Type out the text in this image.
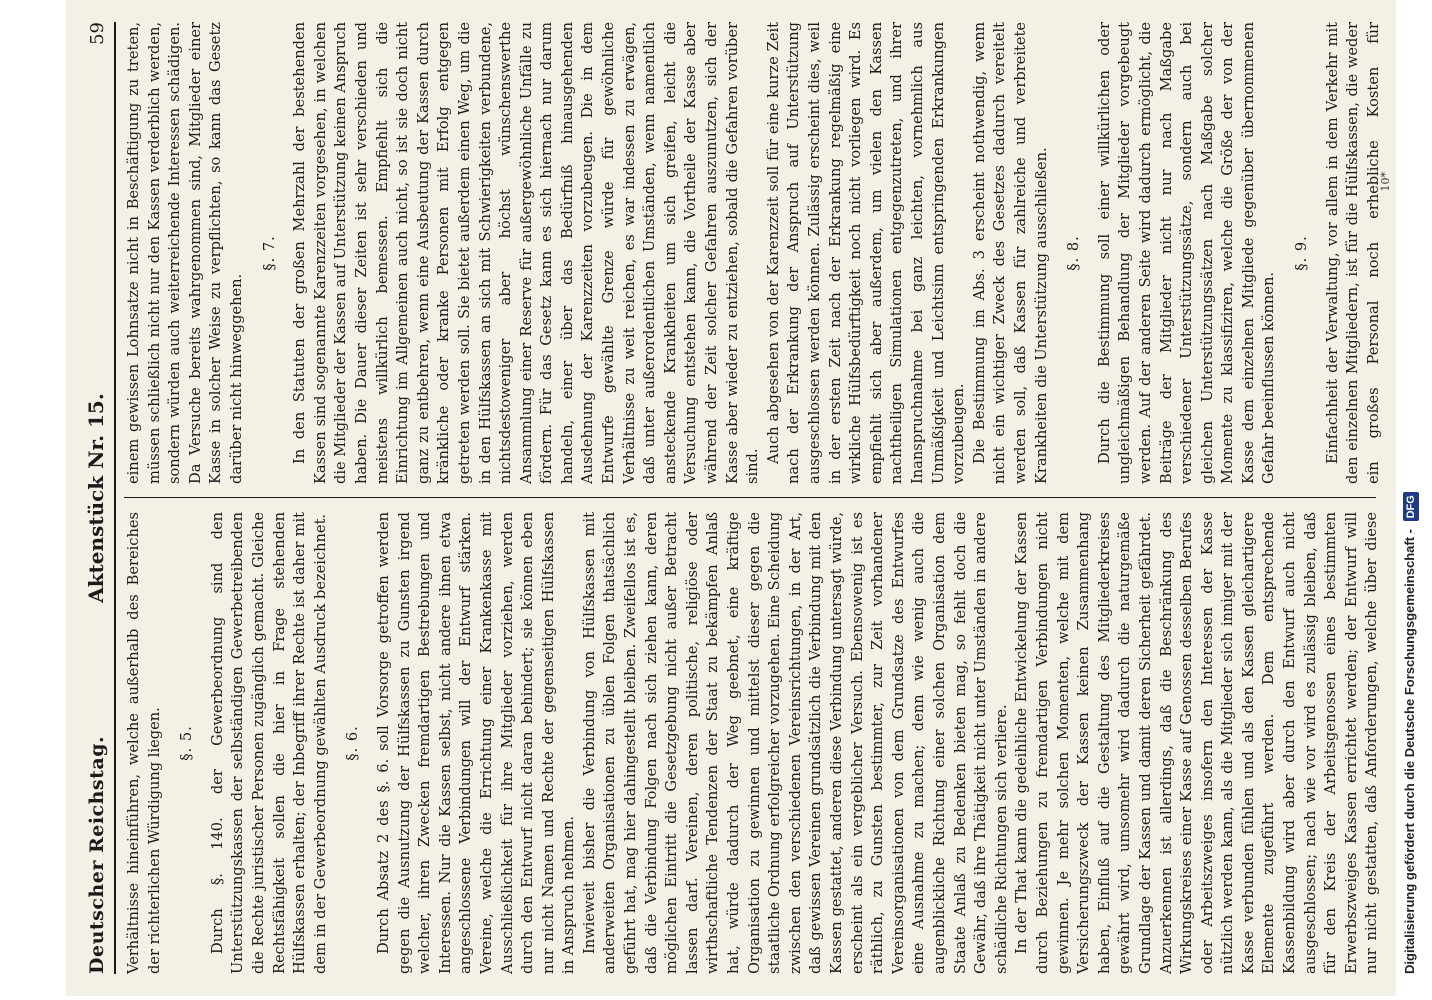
Deutscher Reichstag.
Aktenstück Nr. 15.
59

Verhältnisse hineinführen, welche außerhalb des Bereiches der richterlichen Würdigung liegen. §. 5. Durch §. 140. der Gewerbeordnung sind den Unterstützungskassen der selbständigen Gewerbetreibenden die Rechte juristischer Personen zugänglich gemacht. Gleiche Rechtsfähigkeit sollen die hier in Frage stehenden Hülfskassen erhalten; der Inbegriff ihrer Rechte ist daher mit dem in der Gewerbeordnung gewählten Ausdruck bezeichnet. §. 6. Durch Absatz 2 des §. 6. soll Vorsorge getroffen werden gegen die Ausnutzung der Hülfskassen zu Gunsten irgend welcher, ihren Zwecken fremdartigen Bestrebungen und Interessen. Nur die Kassen selbst, nicht andere ihnen etwa angeschlossene Verbindungen will der Entwurf stärken. Vereine, welche die Errichtung einer Krankenkasse mit Ausschließlichkeit für ihre Mitglieder vorziehen, werden durch den Entwurf nicht daran behindert; sie können eben nur nicht Namen und Rechte der gegenseitigen Hülfskassen in Anspruch nehmen. Inwieweit bisher die Verbindung von Hülfskassen mit anderweiten Organisationen zu üblen Folgen thatsächlich geführt hat, mag hier dahingestellt bleiben. Zweifellos ist es, daß die Verbindung Folgen nach sich ziehen kann, deren möglichen Eintritt die Gesetzgebung nicht außer Betracht lassen darf. Vereinen, deren politische, religiöse oder wirthschaftliche Tendenzen der Staat zu bekämpfen Anlaß hat, würde dadurch der Weg geebnet, eine kräftige Organisation zu gewinnen und mittelst dieser gegen die staatliche Ordnung erfolgreicher vorzugehen. Eine Scheidung zwischen den verschiedenen Vereinsrichtungen, in der Art, daß gewissen Vereinen grundsätzlich die Verbindung mit den Kassen gestattet, anderen diese Verbindung untersagt würde, erscheint als ein vergeblicher Versuch. Ebensowenig ist es räthlich, zu Gunsten bestimmter, zur Zeit vorhandener Vereinsorganisationen von dem Grundsatze des Entwurfes eine Ausnahme zu machen; denn wie wenig auch die augenblickliche Richtung einer solchen Organisation dem Staate Anlaß zu Bedenken bieten mag, so fehlt doch die Gewähr, daß ihre Thätigkeit nicht unter Umständen in andere schädliche Richtungen sich verliere. In der That kann die gedeihliche Entwickelung der Kassen durch Beziehungen zu fremdartigen Verbindungen nicht gewinnen. Je mehr solchen Momenten, welche mit dem Versicherungszweck der Kassen keinen Zusammenhang haben, Einfluß auf die Gestaltung des Mitgliederkreises gewährt wird, umsomehr wird dadurch die naturgemäße Grundlage der Kassen und damit deren Sicherheit gefährdet. Anzuerkennen ist allerdings, daß die Beschränkung des Wirkungskreises einer Kasse auf Genossen desselben Berufes oder Arbeitszweiges insofern den Interessen der Kasse nützlich werden kann, als die Mitglieder sich inniger mit der Kasse verbunden fühlen und als den Kassen gleichartigere Elemente zugeführt werden. Dem entsprechende Kassenbildung wird aber durch den Entwurf auch nicht ausgeschlossen; nach wie vor wird es zulässig bleiben, daß für den Kreis der Arbeitsgenossen eines bestimmten Erwerbszweiges Kassen errichtet werden; der Entwurf will nur nicht gestatten, daß Anforderungen, welche über diese

einem gewissen Lohnsatze nicht in Beschäftigung zu treten, müssen schließlich nicht nur den Kassen verderblich werden, sondern würden auch weiterreichende Interessen schädigen. Da Versuche bereits wahrgenommen sind, Mitglieder einer Kasse in solcher Weise zu verpflichten, so kann das Gesetz darüber nicht hinweggehen.

§. 7. In den Statuten der großen Mehrzahl der bestehenden Kassen sind sogenannte Karenzzeiten vorgesehen, in welchen die Mitglieder der Kassen auf Unterstützung keinen Anspruch haben. Die Dauer dieser Zeiten ist sehr verschieden und meistens willkürlich bemessen. Empfiehlt sich die Einrichtung im Allgemeinen auch nicht, so ist sie doch nicht ganz zu entbehren, wenn eine Ausbeutung der Kassen durch kränkliche oder kranke Personen mit Erfolg entgegen getreten werden soll. Sie bietet außerdem einen Weg, um die in den Hülfskassen an sich mit Schwierigkeiten verbundene, nichtsdestoweniger aber höchst wünschenswerthe Ansammlung einer Reserve für außergewöhnliche Unfälle zu fördern. Für das Gesetz kann es sich hiernach nur darum handeln, einer über das Bedürfniß hinausgehenden Ausdehnung der Karenzzeiten vorzubeugen. Die in dem Entwurfe gewählte Grenze würde für gewöhnliche Verhältnisse zu weit reichen, es war indessen zu erwägen, daß unter außerordentlichen Umständen, wenn namentlich ansteckende Krankheiten um sich greifen, leicht die Versuchung entstehen kann, die Vortheile der Kasse aber während der Zeit solcher Gefahren auszunutzen, sich der Kasse aber wieder zu entziehen, sobald die Gefahren vorüber sind.

Auch abgesehen von der Karenzzeit soll für eine kurze Zeit nach der Erkrankung der Anspruch auf Unterstützung ausgeschlossen werden können. Zulässig erscheint dies, weil in der ersten Zeit nach der Erkrankung regelmäßig eine wirkliche Hülfsbedürftigkeit noch nicht vorliegen wird. Es empfiehlt sich aber außerdem, um vielen den Kassen nachtheiligen Simulationen entgegenzutreten, und ihrer Inanspruchnahme bei ganz leichten, vornehmlich aus Unmäßigkeit und Leichtsinn entspringenden Erkrankungen vorzubeugen. Die Bestimmung im Abs. 3 erscheint nothwendig, wenn nicht ein wichtiger Zweck des Gesetzes dadurch vereitelt werden soll, daß Kassen für zahlreiche und verbreitete Krankheiten die Unterstützung ausschließen. §. 8. Durch die Bestimmung soll einer willkürlichen oder ungleichmäßigen Behandlung der Mitglieder vorgebeugt werden. Auf der anderen Seite wird dadurch ermöglicht, die Beiträge der Mitglieder nicht nur nach Maßgabe verschiedener Unterstützungssätze, sondern auch bei gleichen Unterstützungssätzen nach Maßgabe solcher Momente zu klassifiziren, welche die Größe der von der Kasse dem einzelnen Mitgliede gegenüber übernommenen Gefahr beeinflussen können.

§. 9.

Einfachheit der Verwaltung, vor allem in dem Verkehr mit den einzelnen Mitgliedern, ist für die Hülfskassen, die weder ein großes Personal noch erhebliche Kosten für

10*
Digitalisierung gefördert durch die Deutsche Forschungsgemeinschaft - DFG
